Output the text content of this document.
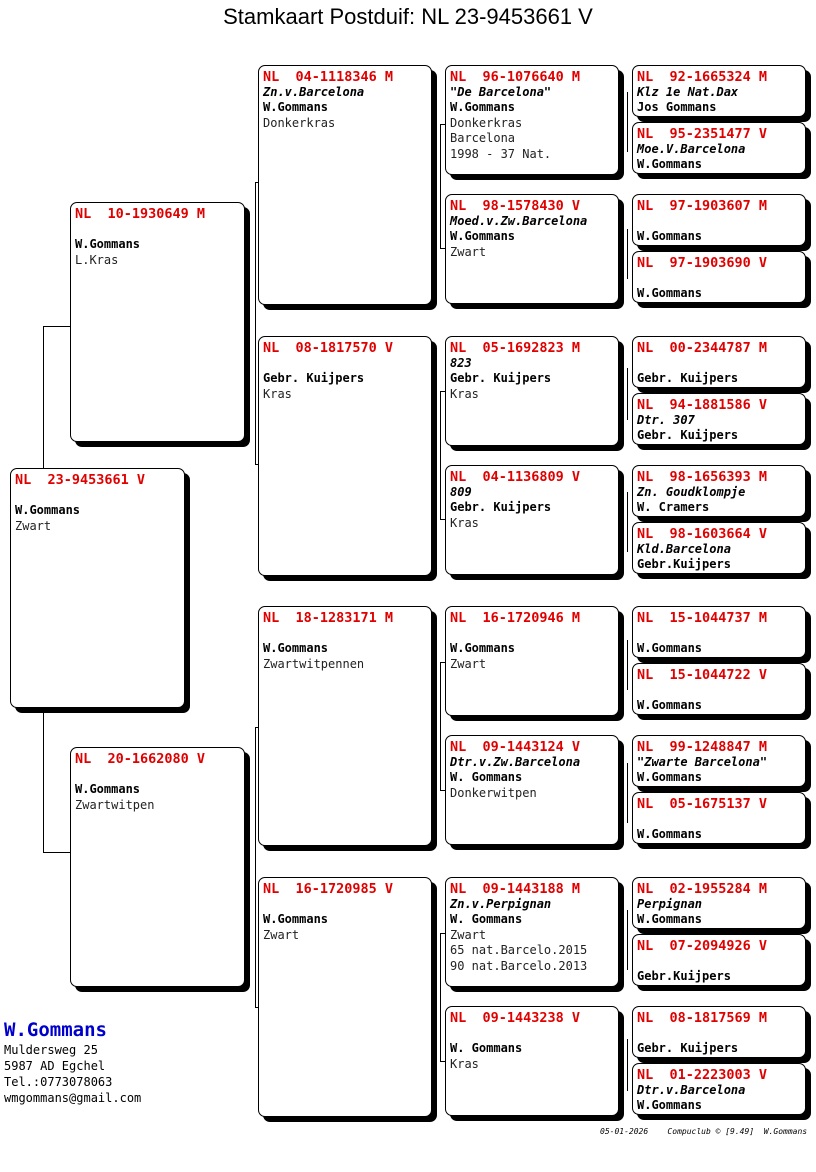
Stamkaart Postduif: NL 23-9453661 V
NL  23-9453661 V

W.Gommans
Zwart
NL  10-1930649 M

W.Gommans
L.Kras
NL  20-1662080 V

W.Gommans
Zwartwitpen
NL  04-1118346 M
Zn.v.Barcelona
W.Gommans
Donkerkras
NL  08-1817570 V

Gebr. Kuijpers
Kras
NL  18-1283171 M

W.Gommans
Zwartwitpennen
NL  16-1720985 V

W.Gommans
Zwart
NL  96-1076640 M
"De Barcelona"
W.Gommans
Donkerkras
Barcelona
1998 - 37 Nat.
NL  98-1578430 V
Moed.v.Zw.Barcelona
W.Gommans
Zwart
NL  05-1692823 M
823
Gebr. Kuijpers
Kras
NL  04-1136809 V
809
Gebr. Kuijpers
Kras
NL  16-1720946 M

W.Gommans
Zwart
NL  09-1443124 V
Dtr.v.Zw.Barcelona
W. Gommans
Donkerwitpen
NL  09-1443188 M
Zn.v.Perpignan
W. Gommans
Zwart
65 nat.Barcelo.2015
90 nat.Barcelo.2013
NL  09-1443238 V

W. Gommans
Kras
NL  92-1665324 M
Klz 1e Nat.Dax
Jos Gommans
NL  95-2351477 V
Moe.V.Barcelona
W.Gommans
NL  97-1903607 M

W.Gommans
NL  97-1903690 V

W.Gommans
NL  00-2344787 M

Gebr. Kuijpers
NL  94-1881586 V
Dtr. 307
Gebr. Kuijpers
NL  98-1656393 M
Zn. Goudklompje
W. Cramers
NL  98-1603664 V
Kld.Barcelona
Gebr.Kuijpers
NL  15-1044737 M

W.Gommans
NL  15-1044722 V

W.Gommans
NL  99-1248847 M
"Zwarte Barcelona"
W.Gommans
NL  05-1675137 V

W.Gommans
NL  02-1955284 M
Perpignan
W.Gommans
NL  07-2094926 V

Gebr.Kuijpers
NL  08-1817569 M

Gebr. Kuijpers
NL  01-2223003 V
Dtr.v.Barcelona
W.Gommans
W.Gommans
Muldersweg 25
5987 AD Egchel
Tel.:0773078063
wmgommans@gmail.com
05-01-2026    Compuclub © [9.49]  W.Gommans
